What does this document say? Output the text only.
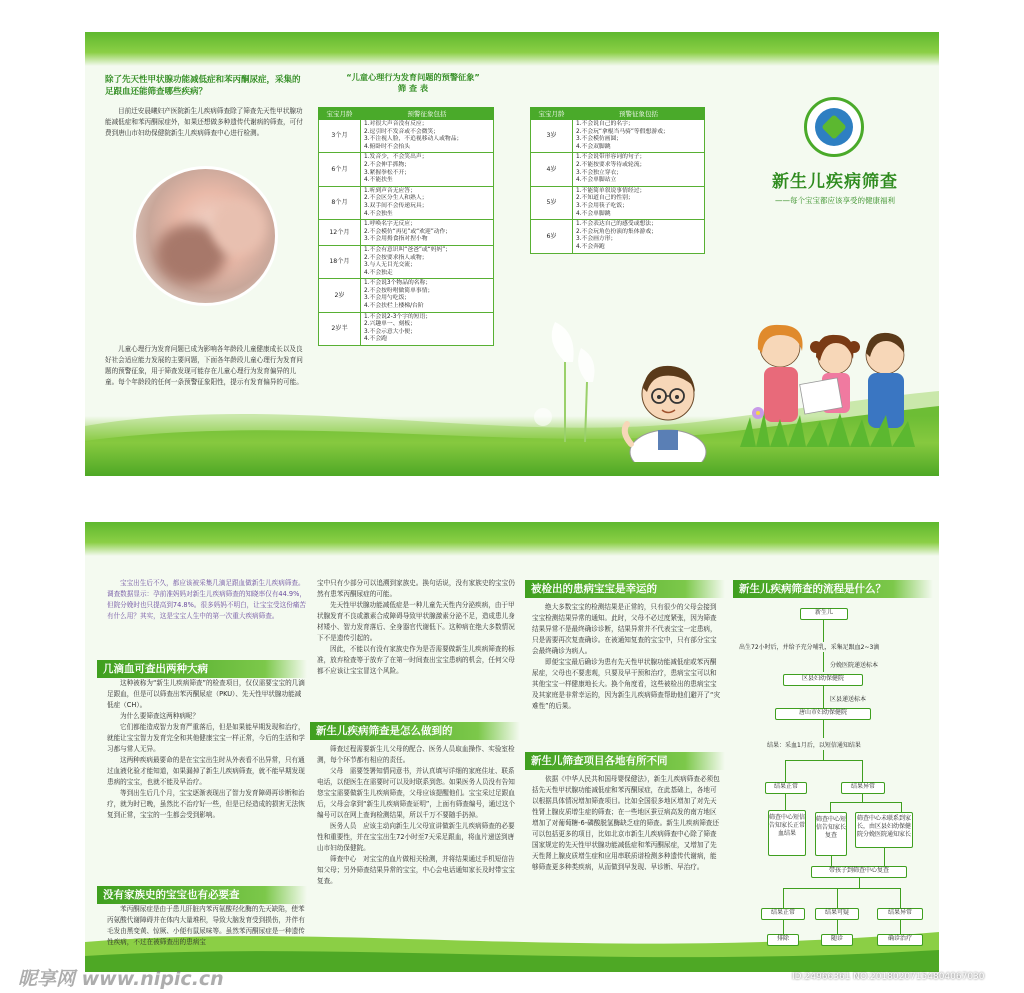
除了先天性甲状腺功能减低症和苯丙酮尿症，采集的足跟血还能筛查哪些疾病？
目前迁安晨曦妇产医院新生儿疾病筛查除了筛查先天性甲状腺功能减低症和苯丙酮尿症外，如果还想做多种遗传代谢病的筛查，可付费到唐山市妇幼保健院新生儿疾病筛查中心进行检测。
儿童心理行为发育问题已成为影响各年龄段儿童健康成长以及良好社会适应能力发展的主要问题，下面各年龄段儿童心理行为发育问题的预警征象，用于筛查发现可能存在儿童心理行为发育偏异的儿童。每个年龄段的任何一条预警征象阳性，提示有发育偏异的可能。
“儿童心理行为发育问题的预警征象”
筛 查 表
宝宝月龄	预警征象包括
3个月	1.对很大声音没有反应；
2.逗引时不发音或不会微笑；
3.不注视人脸，不追视移动人或物品；
4.俯卧时不会抬头

6个月	1.发音少，不会笑出声；
2.不会伸手抓物；
3.紧握拳松不开；
4.不能扶坐

8个月	1.听到声音无应答；
2.不会区分生人和熟人；
3.双手间不会传递玩具；
4.不会独坐

12个月	1.呼唤名字无反应；
2.不会模仿“再见”或“欢迎”动作；
3.不会用拇食指对捏小物

18个月	1.不会有意识叫“爸爸”或“妈妈”；
2.不会按要求指人或物；
3.与人无目光交流；
4.不会独走

2岁	1.不会说3个物品的名称；
2.不会按吩咐做简单事情；
3.不会用勺吃饭；
4.不会扶栏上楼梯/台阶

2岁半	1.不会说2-3个字的短语；
2.兴趣单一、刻板；
3.不会示意大小便；
4.不会跑
宝宝月龄	预警征象包括
3岁	1.不会说自己的名字；
2.不会玩“拿棍当马骑”等假想游戏；
3.不会模仿画圆；
4.不会双脚跳

4岁	1.不会说带形容词的句子；
2.不能按要求等待或轮流；
3.不会独立穿衣；
4.不会单脚站立

5岁	1.不能简单叙说事情经过；
2.不知道自己的性别；
3.不会用筷子吃饭；
4.不会单脚跳

6岁	1.不会表达自己的感受或想法；
2.不会玩角色扮演的集体游戏；
3.不会画方形；
4.不会奔跑
新生儿疾病筛查
——每个宝宝都应该享受的健康福利
宝宝出生后不久，都应该被采集几滴足跟血做新生儿疾病筛查。调查数据显示：孕前准妈妈对新生儿疾病筛查的知晓率仅有44.9%，但院分娩时也只提高到74.8%。很多妈妈不明白，让宝宝受这份痛苦有什么用？其实，这是宝宝人生中的第一次重大疾病筛查。
几滴血可查出两种大病

这种被称为“新生儿疾病筛查”的检查项目，仅仅需要宝宝的几滴足跟血，但是可以筛查出苯丙酮尿症（PKU）、先天性甲状腺功能减低症（CH）。

为什么要筛查这两种病呢？

它们都能造成智力发育严重落后，但是如果能早期发现和治疗，就能让宝宝智力发育完全和其他健康宝宝一样正常，今后的生活和学习都与常人无异。

这两种疾病最要命的是在宝宝出生时从外表看不出异常，只有通过血液化验才能知道，如果漏掉了新生儿疾病筛查，就不能早期发现患病的宝宝，也就不能及早治疗。

等到出生后几个月，宝宝逐渐表现出了智力发育障碍再诊断和治疗，就为时已晚，虽然比不治疗好一些，但是已经造成的损害无法恢复到正常，宝宝的一生都会受到影响。

没有家族史的宝宝也有必要查

苯丙酮尿症是由于患儿肝脏内苯丙氨酸羟化酶的先天缺陷，使苯丙氨酸代谢障碍并在体内大量堆积，导致大脑发育受到损伤，并伴有毛发由黑变黄、惊厥、小便有鼠尿味等。虽然苯丙酮尿症是一种遗传性疾病，不过在被筛查出的患病宝

宝中只有少部分可以追溯到家族史。换句话说，没有家族史的宝宝仍然有患苯丙酮尿症的可能。

先天性甲状腺功能减低症是一种儿童先天性内分泌疾病，由于甲状腺发育不良或激素合成障碍导致甲状腺激素分泌不足，造成患儿身材矮小、智力发育落后、全身器官代谢低下。这种病在绝大多数情况下不是遗传引起的。

因此，不能以有没有家族史作为是否需要做新生儿疾病筛查的标准，放弃检查等于放弃了在第一时间查出宝宝患病的机会，任何父母都不应该让宝宝冒这个风险。

新生儿疾病筛查是怎么做到的

筛查过程需要新生儿父母的配合、医务人员取血操作、实验室检测，每个环节都有相应的责任。

父母　需要签署知情同意书，并认真填写详细的家庭住址、联系电话，以便医生在需要时可以及时联系到您。如果医务人员没有告知您宝宝需要做新生儿疾病筛查，父母应该提醒他们。宝宝采过足跟血后，父母会拿到“新生儿疾病筛查证明”，上面有筛查编号，通过这个编号可以在网上查询检测结果，所以千万不要随手扔掉。

医务人员　应该主动向新生儿父母宣讲做新生儿疾病筛查的必要性和重要性，并在宝宝出生72小时至7天采足跟血，将血片递送到唐山市妇幼保健院。

筛查中心　对宝宝的血片做相关检测，并将结果通过手机短信告知父母；另外筛查结果异常的宝宝，中心会电话通知家长及时带宝宝复查。

被检出的患病宝宝是幸运的

绝大多数宝宝的检测结果是正常的，只有很少的父母会接到宝宝检测结果异常的通知。此时，父母不必过度紧张，因为筛查结果异常不是最终确诊诊断，结果异常并不代表宝宝一定患病，只是需要再次复查确诊。在被通知复查的宝宝中，只有部分宝宝会最终确诊为病人。

即便宝宝最后确诊为患有先天性甲状腺功能减低症或苯丙酮尿症，父母也不要悲观，只要及早干预和治疗，患病宝宝可以和其他宝宝一样健康地长大。换个角度看，这些被检出的患病宝宝及其家庭是非常幸运的，因为新生儿疾病筛查帮助他们避开了“灾难性”的后果。

新生儿筛查项目各地有所不同

依据《中华人民共和国母婴保健法》，新生儿疾病筛查必须包括先天性甲状腺功能减低症和苯丙酮尿症，在此基础上，各地可以根据具体情况增加筛查项目。比如全国很多地区增加了对先天性肾上腺皮质增生症的筛查；在一些地区蚕豆病高发的南方地区增加了对葡萄糖-6-磷酸脱氢酶缺乏症的筛查。新生儿疾病筛查还可以包括更多的项目，比如北京市新生儿疾病筛查中心除了筛查国家规定的先天性甲状腺功能减低症和苯丙酮尿症，又增加了先天性肾上腺皮质增生症和应用串联质谱检测多种遗传代谢病，能够筛查更多种类疾病，从而做到早发现、早诊断、早治疗。

新生儿疾病筛查的流程是什么？
新生儿
出生72小时后，并给予充分哺乳，采集足跟血2~3滴
分娩医院递送标本
区县妇幼保健院
区县递送标本
唐山市妇幼保健院
结果：采血1月后，以短信通知结果
结果正常	结果异常
筛查中心短信告知家长正常血结果
筛查中心短信告知家长复查
筛查中心未联系到家长，由区县妇幼保健院分娩医院通知家长
带孩子到筛查中心复查
结果正常	结果可疑	结果异常
排除	随诊	确诊治疗
昵享网 www.nipic.cn	ID:24966361 NO:20180207154804067030
